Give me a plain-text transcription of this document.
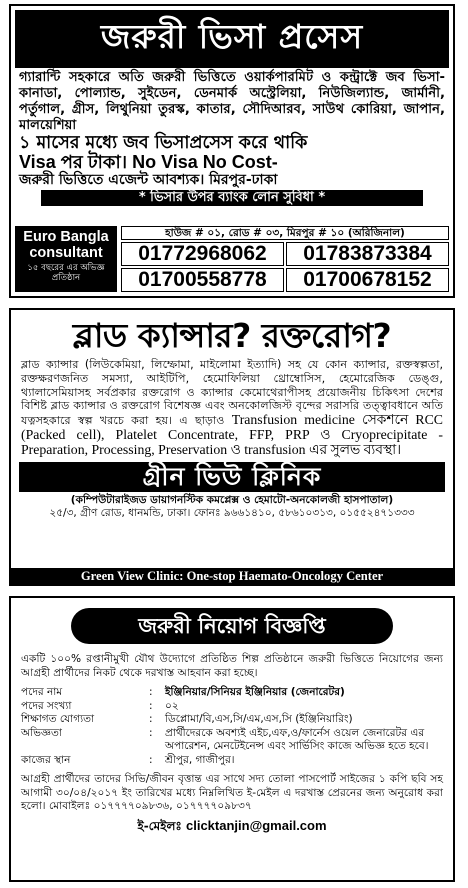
জরুরী ভিসা প্রসেস
গ্যারান্টি সহকারে অতি জরুরী ভিত্তিতে ওয়ার্কপারমিট ও কন্ট্রাক্টে জব ভিসা- কানাডা, পোল্যান্ড, সুইডেন, ডেনমার্ক অস্ট্রেলিয়া, নিউজিল্যান্ড, জার্মানী, পর্তুগাল, গ্রীস, লিথুনিয়া তুরস্ক, কাতার, সৌদিআরব, সাউথ কোরিয়া, জাপান, মালয়েশিয়া
১ মাসের মধ্যে জব ভিসাপ্রসেস করে থাকি
Visa পর টাকা। No Visa No Cost-
জরুরী ভিত্তিতে এজেন্ট আবশ্যক। মিরপুর-ঢাকা
* ভিসার উপর ব্যাংক লোন সুবিধা *
Euro Bangla consultant
১৫ বছরের এর অভিজ্ঞ প্রতিষ্ঠান
হাউজ # ০১, রোড # ০৩, মিরপুর # ১০ (অরিজিনাল)
01772968062	01783873384
01700558778	01700678152
ব্লাড ক্যান্সার? রক্তরোগ?
ব্লাড ক্যান্সার (লিউকেমিয়া, লিম্ফোমা, মাইলোমা ইত্যাদি) সহ যে কোন ক্যান্সার, রক্তস্বল্পতা, রক্তক্ষরণজনিত সমস্যা, আইটিপি, হেমোফিলিয়া থ্রোম্বোসিস, হেমোরেজিক ডেঙ্গু, থ্যালাসেমিয়াসহ সর্বপ্রকার রক্তরোগ ও ক্যান্সার কেমোথেরাপীসহ প্রয়োজনীয় চিকিৎসা দেশের বিশিষ্ট ব্লাড ক্যান্সার ও রক্তরোগ বিশেষজ্ঞ এবং অনকোলজিস্ট বৃন্দের সরাসরি তত্ত্বাবধানে অতি যত্নসহকারে স্বল্প খরচে করা হয়। এ ছাড়াও Transfusion medicine সেকশনে RCC (Packed cell), Platelet Concentrate, FFP, PRP ও Cryoprecipitate - Preparation, Processing, Preservation ও transfusion এর সুলভ ব্যবস্থা।
গ্রীন ভিউ ক্লিনিক
(কম্পিউটারাইজড ডায়াগনস্টিক কমপ্লেক্স ও হেমাটো-অনকোলজী হাসপাতাল)
২৫/৩, গ্রীণ রোড, ধানমন্ডি, ঢাকা। ফোনঃ ৯৬৬১৪১০, ৫৮৬১০৩১৩, ০১৫৫২৪৭১৩৩৩
Green View Clinic: One-stop Haemato-Oncology Center
জরুরী নিয়োগ বিজ্ঞপ্তি
একটি ১০০% রপ্তানীমুখী যৌথ উদ্যোগে প্রতিষ্ঠিত শিল্প প্রতিষ্ঠানে জরুরী ভিত্তিতে নিয়োগের জন্য আগ্রহী প্রার্থীদের নিকট থেকে দরখাস্ত আহবান করা হচ্ছে।
পদের নাম	:	ইঞ্জিনিয়ার/সিনিয়র ইঞ্জিনিয়ার (জেনারেটর)
পদের সংখ্যা	:	০২
শিক্ষাগত যোগ্যতা	:	ডিপ্লোমা/বি,এস,সি/এম,এস,সি (ইঞ্জিনিয়ারিং)
অভিজ্ঞতা	:	প্রার্থীদেরকে অবশ্যই এইচ,এফ,ও/ফার্নেস ওয়েল জেনারেটর এর অপারেশন, মেনটেইনেন্স এবং সার্ভিসিং কাজে অভিজ্ঞ হতে হবে।
কাজের স্থান	:	শ্রীপুর, গাজীপুর।
আগ্রহী প্রার্থীদের তাদের সিভি/জীবন বৃত্তান্ত এর সাথে সদ্য তোলা পাসপোর্ট সাইজের ১ কপি ছবি সহ আগামী ৩০/০৪/২০১৭ ইং তারিখের মধ্যে নিম্নলিখিত ই-মেইল এ দরখাস্ত প্রেরনের জন্য অনুরোধ করা হলো। মোবাইলঃ ০১৭৭৭৭০৯৮৩৬, ০১৭৭৭৭০৯৮৩৭
ই-মেইলঃ clicktanjin@gmail.com
